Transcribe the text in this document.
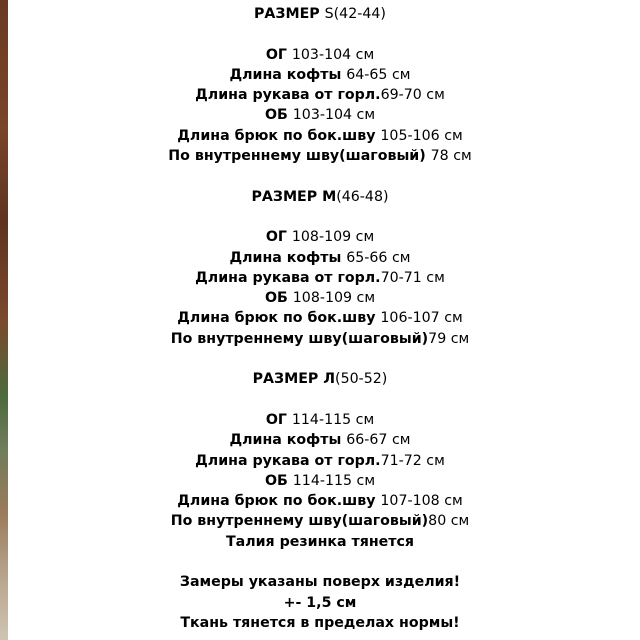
РАЗМЕР S(42-44)
ОГ 103-104 см
Длина кофты 64-65 см
Длина рукава от горл.69-70 см
ОБ 103-104 см
Длина брюк по бок.шву 105-106 см
По внутреннему шву(шаговый) 78 см
РАЗМЕР М(46-48)
ОГ 108-109 см
Длина кофты 65-66 см
Длина рукава от горл.70-71 см
ОБ 108-109 см
Длина брюк по бок.шву 106-107 см
По внутреннему шву(шаговый)79 см
РАЗМЕР Л(50-52)
ОГ 114-115 см
Длина кофты 66-67 см
Длина рукава от горл.71-72 см
ОБ 114-115 см
Длина брюк по бок.шву 107-108 см
По внутреннему шву(шаговый)80 см
Талия резинка тянется
Замеры указаны поверх изделия!
+- 1,5 см
Ткань тянется в пределах нормы!
